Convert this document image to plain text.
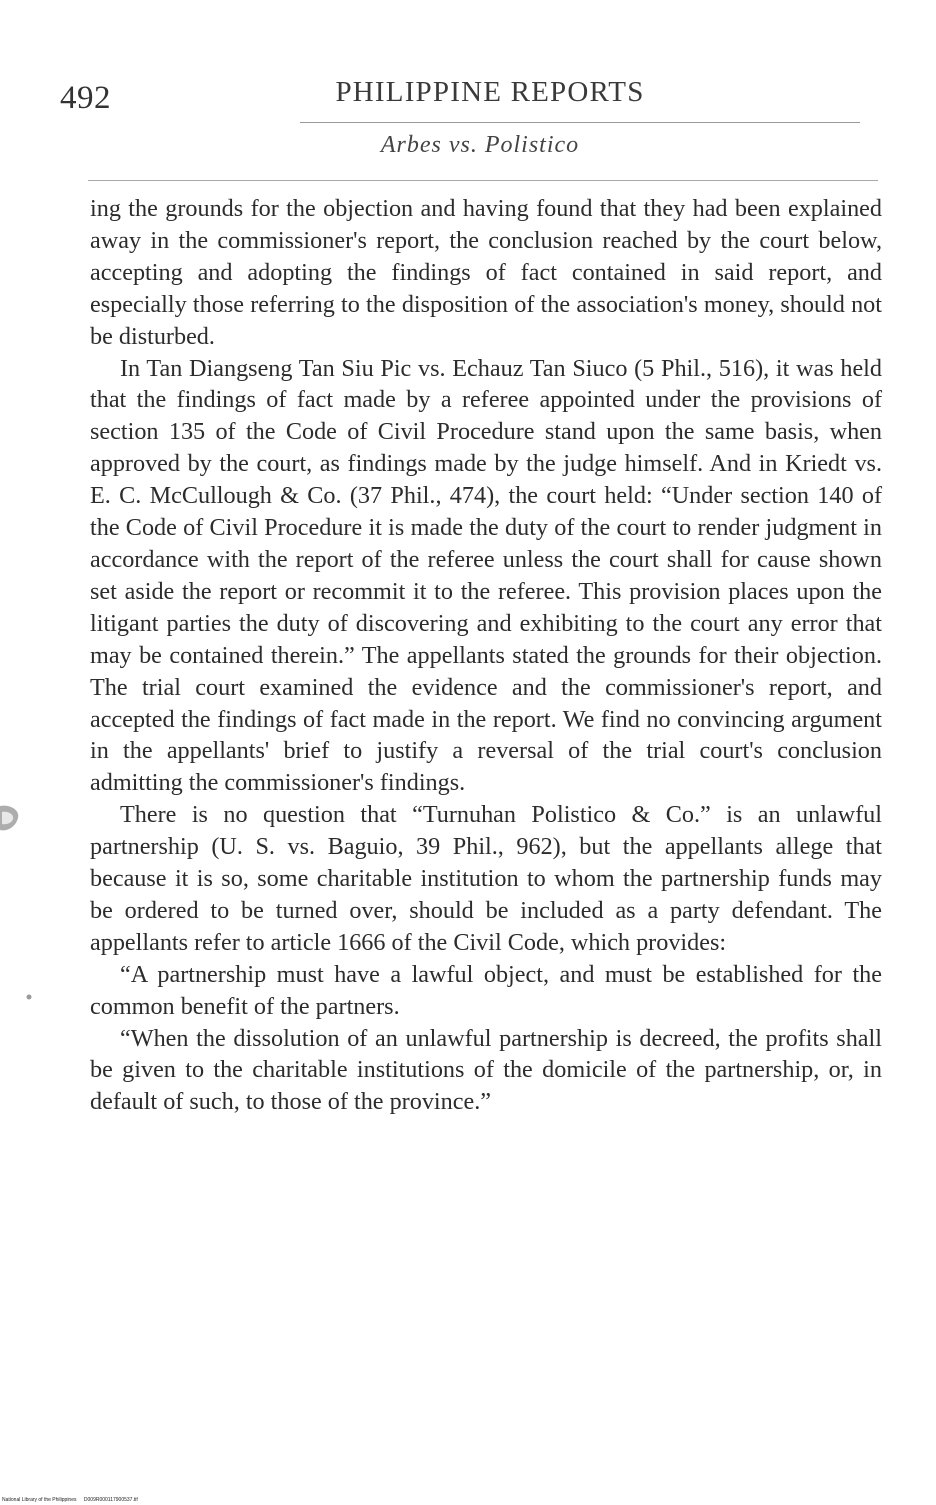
492	PHILIPPINE REPORTS
Arbes vs. Polistico

ing the grounds for the objection and having found that they had been explained away in the commissioner's report, the conclusion reached by the court below, accepting and adopting the findings of fact contained in said report, and especially those referring to the disposition of the association's money, should not be disturbed.

In Tan Diangseng Tan Siu Pic vs. Echauz Tan Siuco (5 Phil., 516), it was held that the findings of fact made by a referee appointed under the provisions of section 135 of the Code of Civil Procedure stand upon the same basis, when approved by the court, as findings made by the judge himself. And in Kriedt vs. E. C. McCullough & Co. (37 Phil., 474), the court held: “Under section 140 of the Code of Civil Procedure it is made the duty of the court to render judgment in accordance with the report of the referee unless the court shall for cause shown set aside the report or recommit it to the referee. This provision places upon the litigant parties the duty of discovering and exhibiting to the court any error that may be contained therein.” The appellants stated the grounds for their objection. The trial court examined the evidence and the commissioner's report, and accepted the findings of fact made in the report. We find no convincing argument in the appellants' brief to justify a reversal of the trial court's conclusion admitting the commissioner's findings.

There is no question that “Turnuhan Polistico & Co.” is an unlawful partnership (U. S. vs. Baguio, 39 Phil., 962), but the appellants allege that because it is so, some charitable institution to whom the partnership funds may be ordered to be turned over, should be included as a party defendant. The appellants refer to article 1666 of the Civil Code, which provides:

“A partnership must have a lawful object, and must be established for the common benefit of the partners.

“When the dissolution of an unlawful partnership is decreed, the profits shall be given to the charitable institutions of the domicile of the partnership, or, in default of such, to those of the province.”

National Library of the Philippines D009R000117900537.tif
